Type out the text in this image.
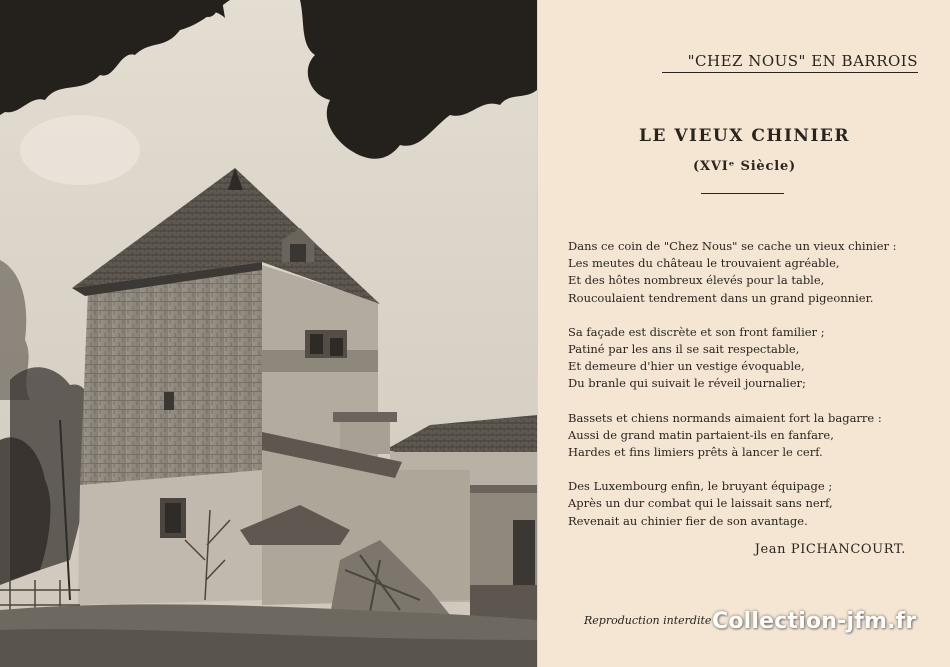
"CHEZ NOUS" EN BARROIS
LE VIEUX CHINIER
(XVIᵉ Siècle)
Dans ce coin de "Chez Nous" se cache un vieux chinier :
Les meutes du château le trouvaient agréable,
Et des hôtes nombreux élevés pour la table,
Roucoulaient tendrement dans un grand pigeonnier.
Sa façade est discrète et son front familier ;
Patiné par les ans il se sait respectable,
Et demeure d'hier un vestige évoquable,
Du branle qui suivait le réveil journalier;
Bassets et chiens normands aimaient fort la bagarre :
Aussi de grand matin partaient-ils en fanfare,
Hardes et fins limiers prêts à lancer le cerf.
Des Luxembourg enfin, le bruyant équipage ;
Après un dur combat qui le laissait sans nerf,
Revenait au chinier fier de son avantage.
Jean PICHANCOURT.
Reproduction interdite Collection-jfm.fr
